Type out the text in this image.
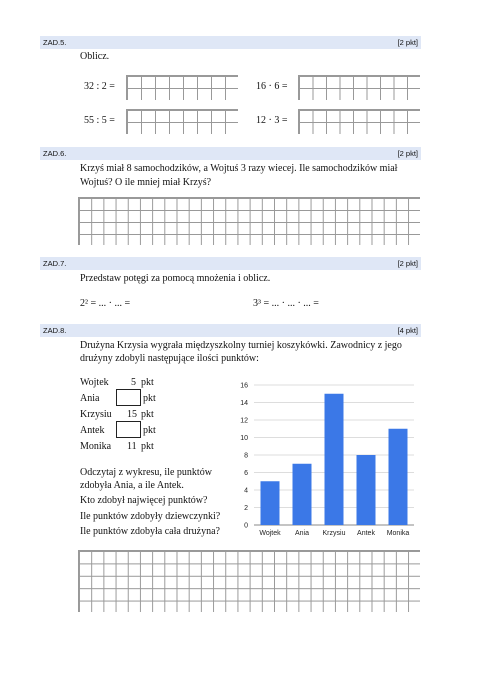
ZAD.5.	[2 pkt]
Oblicz.
32 : 2 =	16 · 6 =
55 : 5 =	12 · 3 =
ZAD.6.	[2 pkt]
Krzyś miał 8 samochodzików, a Wojtuś 3 razy wiecej. Ile samochodzików miał
Wojtuś? O ile mniej miał Krzyś?
ZAD.7.	[2 pkt]
Przedstaw potęgi za pomocą mnożenia i oblicz.
2² = ... · ... =	3³ = ... · ... · ... =
ZAD.8.	[4 pkt]
Drużyna Krzysia wygrała międzyszkolny turniej koszykówki. Zawodnicy z jego
drużyny zdobyli następujące ilości punktów:
Wojtek 5 pkt
Ania	pkt
Krzysiu 15 pkt
Antek	pkt
Monika 11 pkt
Odczytaj z wykresu, ile punktów
zdobyła Ania, a ile Antek.
Kto zdobył najwięcej punktów?
Ile punktów zdobyły dziewczynki?
Ile punktów zdobyła cała drużyna?	0
2
4
6
8
10
12
14
16
Wojtek Ania Krzysiu Antek Monika
